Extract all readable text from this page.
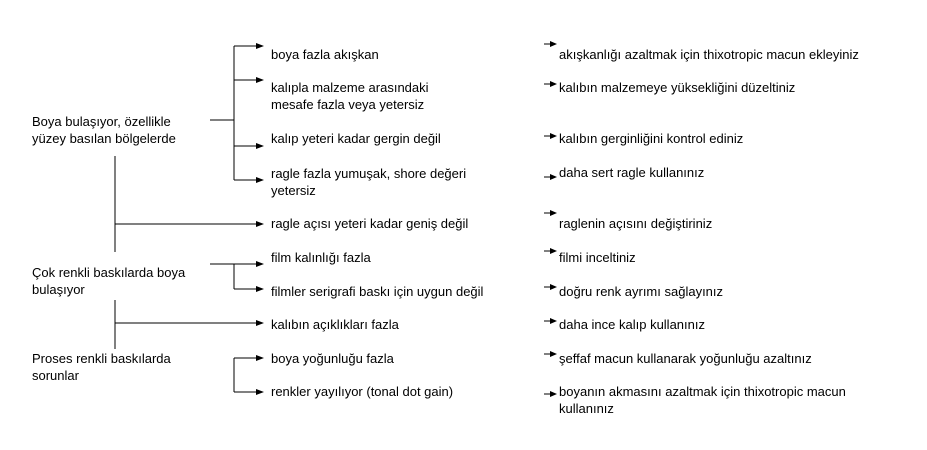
Boya bulaşıyor, özellikle yüzey basılan bölgelerde
Çok renkli baskılarda boya bulaşıyor
Proses renkli baskılarda sorunlar
boya fazla akışkan
kalıpla malzeme arasındaki mesafe fazla veya yetersiz
kalıp yeteri kadar gergin değil
ragle fazla yumuşak, shore değeri yetersiz
ragle açısı yeteri kadar geniş değil
film kalınlığı fazla
filmler serigrafi baskı için uygun değil
kalıbın açıklıkları fazla
boya yoğunluğu fazla
renkler yayılıyor (tonal dot gain)
akışkanlığı azaltmak için thixotropic macun ekleyiniz
kalıbın malzemeye yüksekliğini düzeltiniz
kalıbın gerginliğini kontrol ediniz
daha sert ragle kullanınız
raglenin açısını değiştiriniz
filmi inceltiniz
doğru renk ayrımı sağlayınız
daha ince kalıp kullanınız
şeffaf macun kullanarak yoğunluğu azaltınız
boyanın akmasını azaltmak için thixotropic macun kullanınız
